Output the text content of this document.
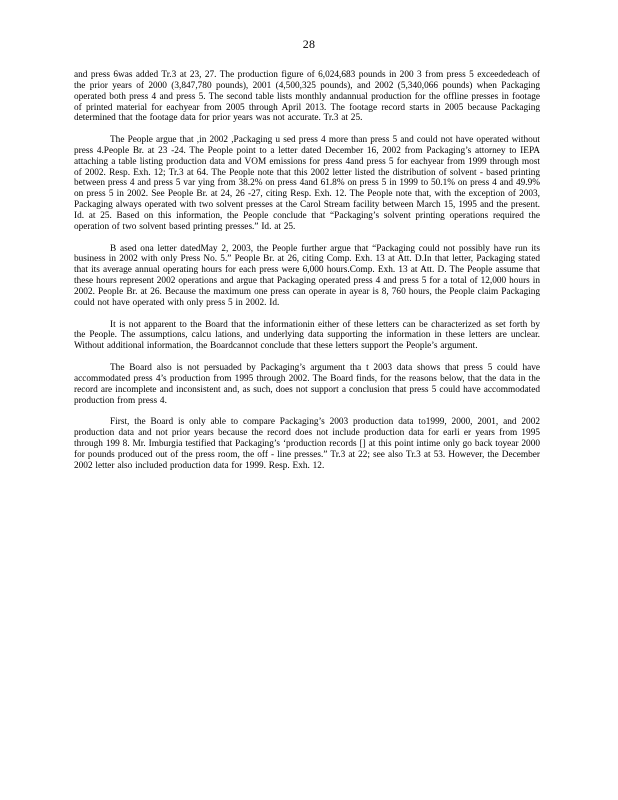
28

and press 6was added Tr.3 at 23, 27. The production figure of 6,024,683 pounds in 200 3 from press 5 exceededeach of the prior years of 2000 (3,847,780 pounds), 2001 (4,500,325 pounds), and 2002 (5,340,066 pounds) when Packaging operated both press 4 and press 5. The second table lists monthly andannual production for the offline presses in footage of printed material for eachyear from 2005 through April 2013. The footage record starts in 2005 because Packaging determined that the footage data for prior years was not accurate. Tr.3 at 25.

The People argue that ,in 2002 ,Packaging u sed press 4 more than press 5 and could not have operated without press 4.People Br. at 23 -24. The People point to a letter dated December 16, 2002 from Packaging’s attorney to IEPA attaching a table listing production data and VOM emissions for press 4and press 5 for eachyear from 1999 through most of 2002. Resp. Exh. 12; Tr.3 at 64. The People note that this 2002 letter listed the distribution of solvent - based printing between press 4 and press 5 var ying from 38.2% on press 4and 61.8% on press 5 in 1999 to 50.1% on press 4 and 49.9% on press 5 in 2002. See People Br. at 24, 26 -27, citing Resp. Exh. 12. The People note that, with the exception of 2003, Packaging always operated with two solvent presses at the Carol Stream facility between March 15, 1995 and the present. Id. at 25. Based on this information, the People conclude that “Packaging’s solvent printing operations required the operation of two solvent based printing presses.” Id. at 25.

B ased ona letter datedMay 2, 2003, the People further argue that “Packaging could not possibly have run its business in 2002 with only Press No. 5.” People Br. at 26, citing Comp. Exh. 13 at Att. D.In that letter, Packaging stated that its average annual operating hours for each press were 6,000 hours.Comp. Exh. 13 at Att. D. The People assume that these hours represent 2002 operations and argue that Packaging operated press 4 and press 5 for a total of 12,000 hours in 2002. People Br. at 26. Because the maximum one press can operate in ayear is 8, 760 hours, the People claim Packaging could not have operated with only press 5 in 2002. Id.

It is not apparent to the Board that the informationin either of these letters can be characterized as set forth by the People. The assumptions, calcu lations, and underlying data supporting the information in these letters are unclear. Without additional information, the Boardcannot conclude that these letters support the People’s argument.

The Board also is not persuaded by Packaging’s argument tha t 2003 data shows that press 5 could have accommodated press 4’s production from 1995 through 2002. The Board finds, for the reasons below, that the data in the record are incomplete and inconsistent and, as such, does not support a conclusion that press 5 could have accommodated production from press 4.

First, the Board is only able to compare Packaging’s 2003 production data to1999, 2000, 2001, and 2002 production data and not prior years because the record does not include production data for earli er years from 1995 through 199 8. Mr. Imburgia testified that Packaging’s ‘production records [] at this point intime only go back toyear 2000 for pounds produced out of the press room, the off - line presses.” Tr.3 at 22; see also Tr.3 at 53. However, the December 2002 letter also included production data for 1999. Resp. Exh. 12.
